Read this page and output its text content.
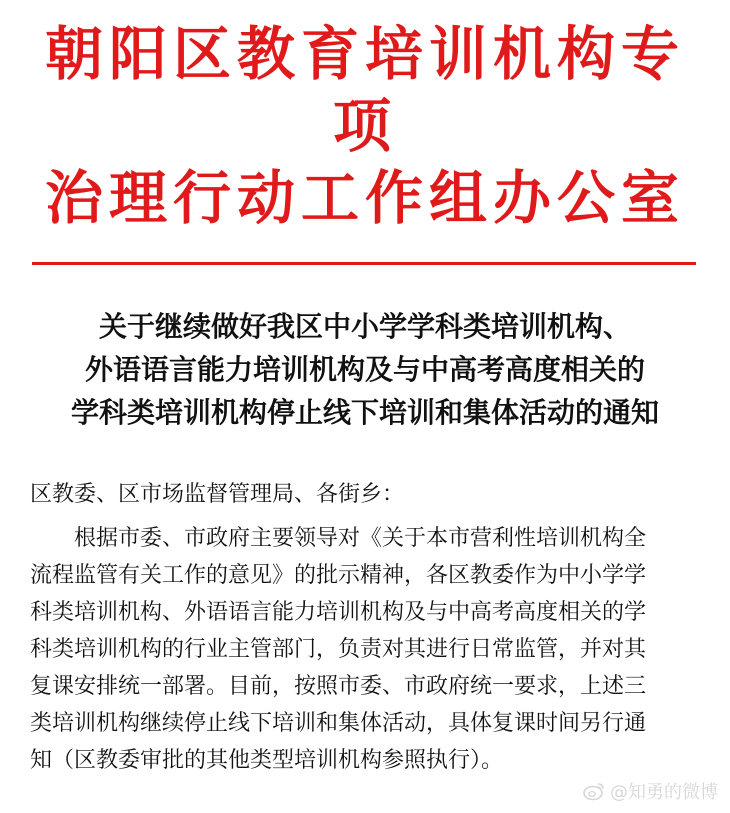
朝阳区教育培训机构专项
治理行动工作组办公室
关于继续做好我区中小学学科类培训机构、
外语语言能力培训机构及与中高考高度相关的
学科类培训机构停止线下培训和集体活动的通知
区教委、区市场监督管理局、各街乡：
　　根据市委、市政府主要领导对《关于本市营利性培训机构全
流程监管有关工作的意见》的批示精神，各区教委作为中小学学
科类培训机构、外语语言能力培训机构及与中高考高度相关的学
科类培训机构的行业主管部门，负责对其进行日常监管，并对其
复课安排统一部署。目前，按照市委、市政府统一要求，上述三
类培训机构继续停止线下培训和集体活动，具体复课时间另行通
知（区教委审批的其他类型培训机构参照执行）。
@知勇的微博
